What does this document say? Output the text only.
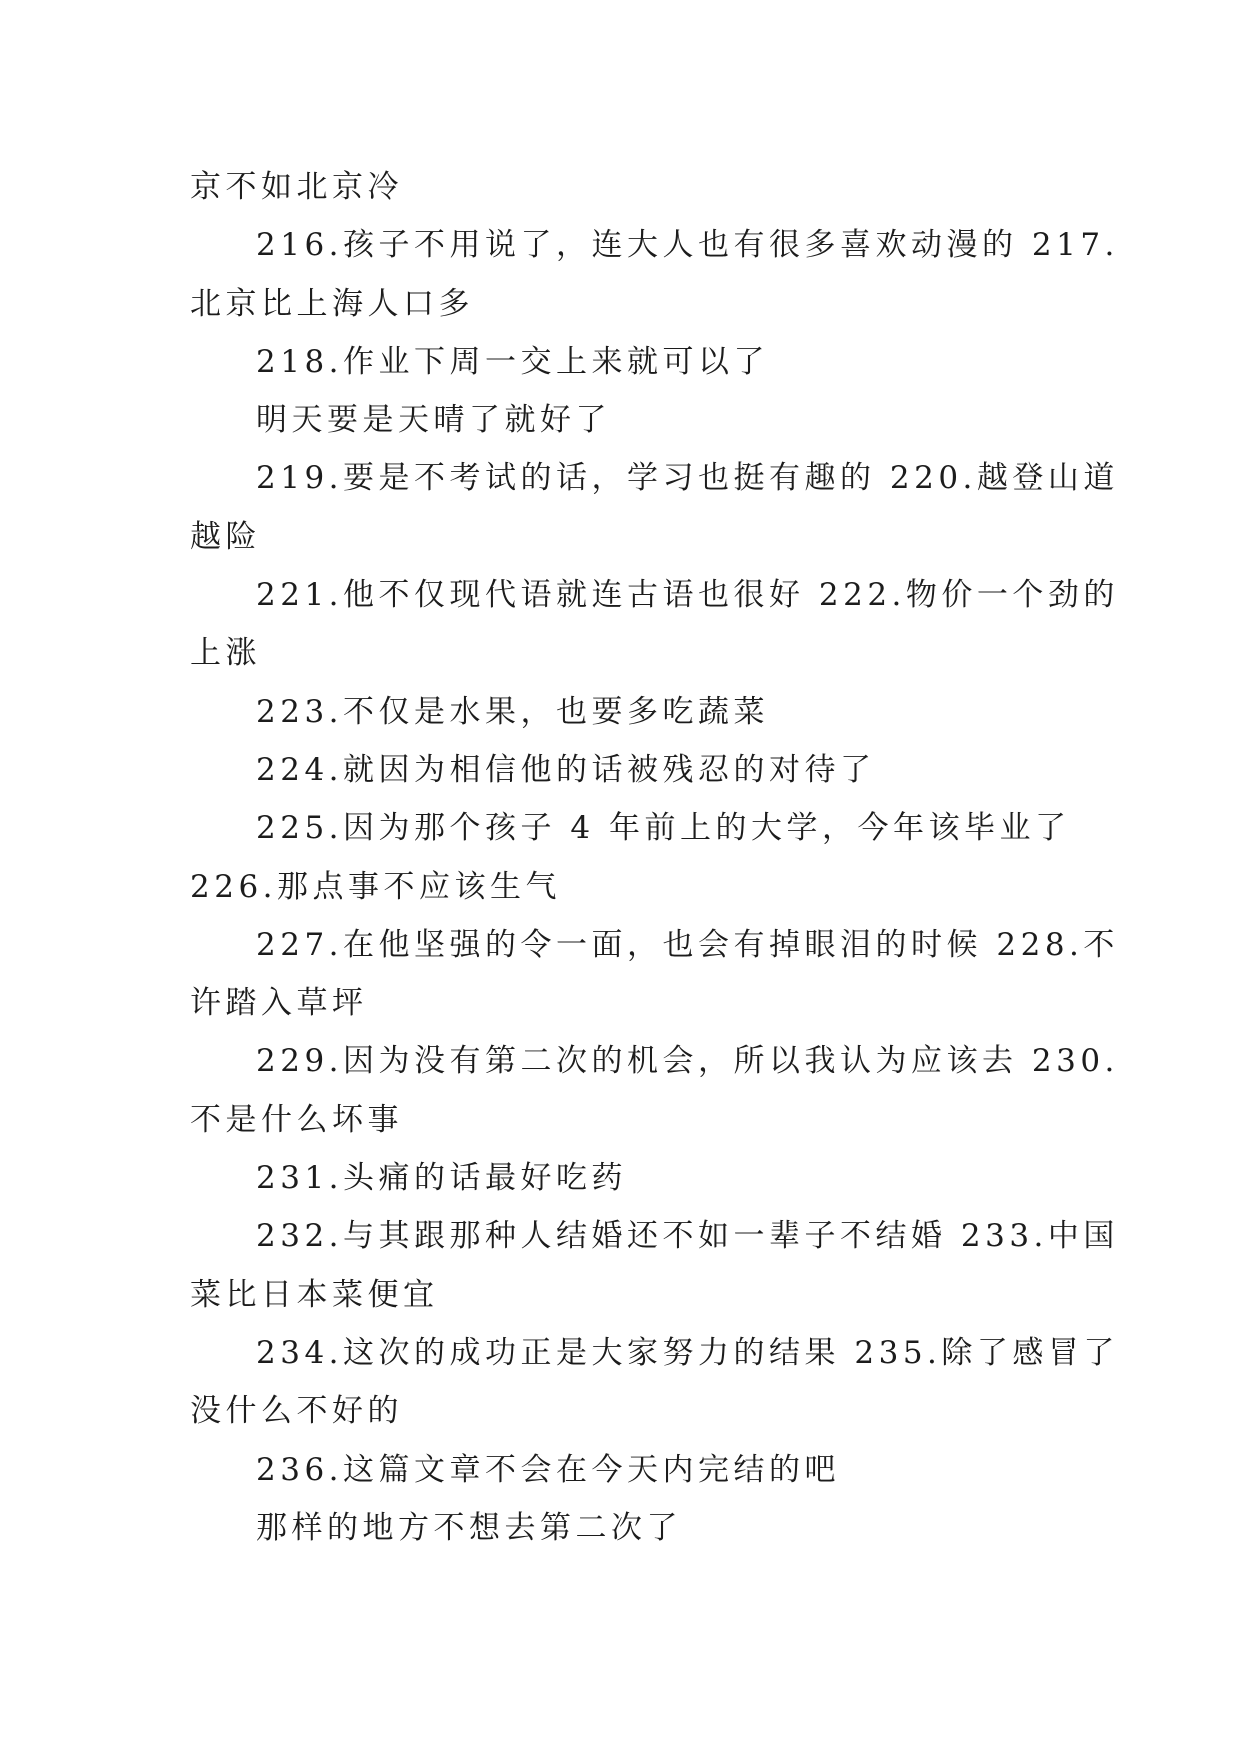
京不如北京冷

216.孩子不用说了，连大人也有很多喜欢动漫的 217.

北京比上海人口多

218.作业下周一交上来就可以了

明天要是天晴了就好了

219.要是不考试的话，学习也挺有趣的 220.越登山道

越险

221.他不仅现代语就连古语也很好 222.物价一个劲的

上涨

223.不仅是水果，也要多吃蔬菜

224.就因为相信他的话被残忍的对待了

225.因为那个孩子 4 年前上的大学，今年该毕业了

226.那点事不应该生气

227.在他坚强的令一面，也会有掉眼泪的时候 228.不

许踏入草坪

229.因为没有第二次的机会，所以我认为应该去 230.

不是什么坏事

231.头痛的话最好吃药

232.与其跟那种人结婚还不如一辈子不结婚 233.中国

菜比日本菜便宜

234.这次的成功正是大家努力的结果 235.除了感冒了

没什么不好的

236.这篇文章不会在今天内完结的吧

那样的地方不想去第二次了
